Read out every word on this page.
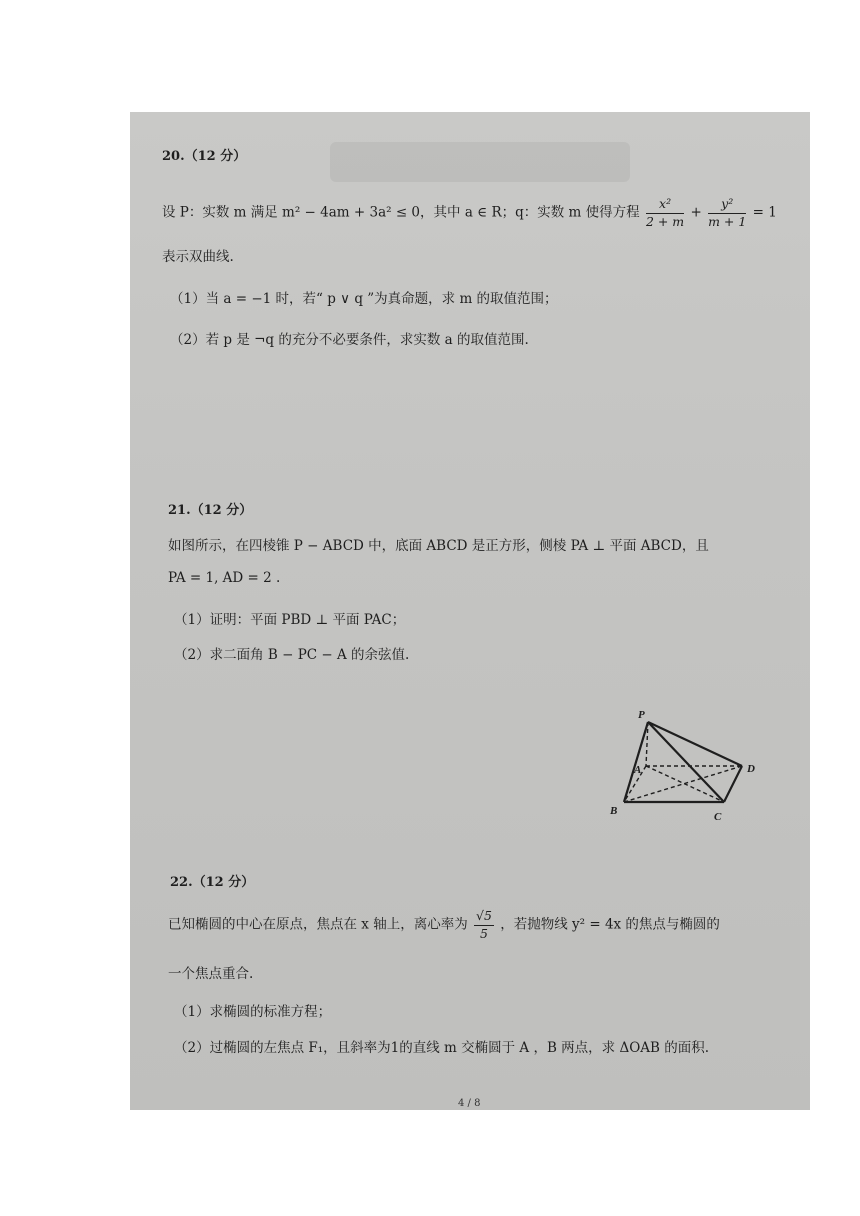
20.（12 分）
设 P：实数 m 满足 m² − 4am + 3a² ≤ 0，其中 a ∈ R；q：实数 m 使得方程 $\frac{\text{x²}}{2 + m} + \frac{\text{y²}}{m + 1} = 1$
表示双曲线.
（1）当 a = −1 时，若“ p ∨ q ”为真命题，求 m 的取值范围；
（2）若 p 是 ¬q 的充分不必要条件，求实数 a 的取值范围.
21.（12 分）
如图所示，在四棱锥 P − ABCD 中，底面 ABCD 是正方形，侧棱 PA ⊥ 平面 ABCD，且
PA = 1, AD = 2 .
（1）证明：平面 PBD ⊥ 平面 PAC；
（2）求二面角 B − PC − A 的余弦值.
P
A
B	C
D
22.（12 分）
已知椭圆的中心在原点，焦点在 x 轴上，离心率为 $\frac{√5}{5}$ ，若抛物线 y² = 4x 的焦点与椭圆的
一个焦点重合.
（1）求椭圆的标准方程；
（2）过椭圆的左焦点 F₁，且斜率为1的直线 m 交椭圆于 A ，B 两点，求 ΔOAB 的面积.
4 / 8
